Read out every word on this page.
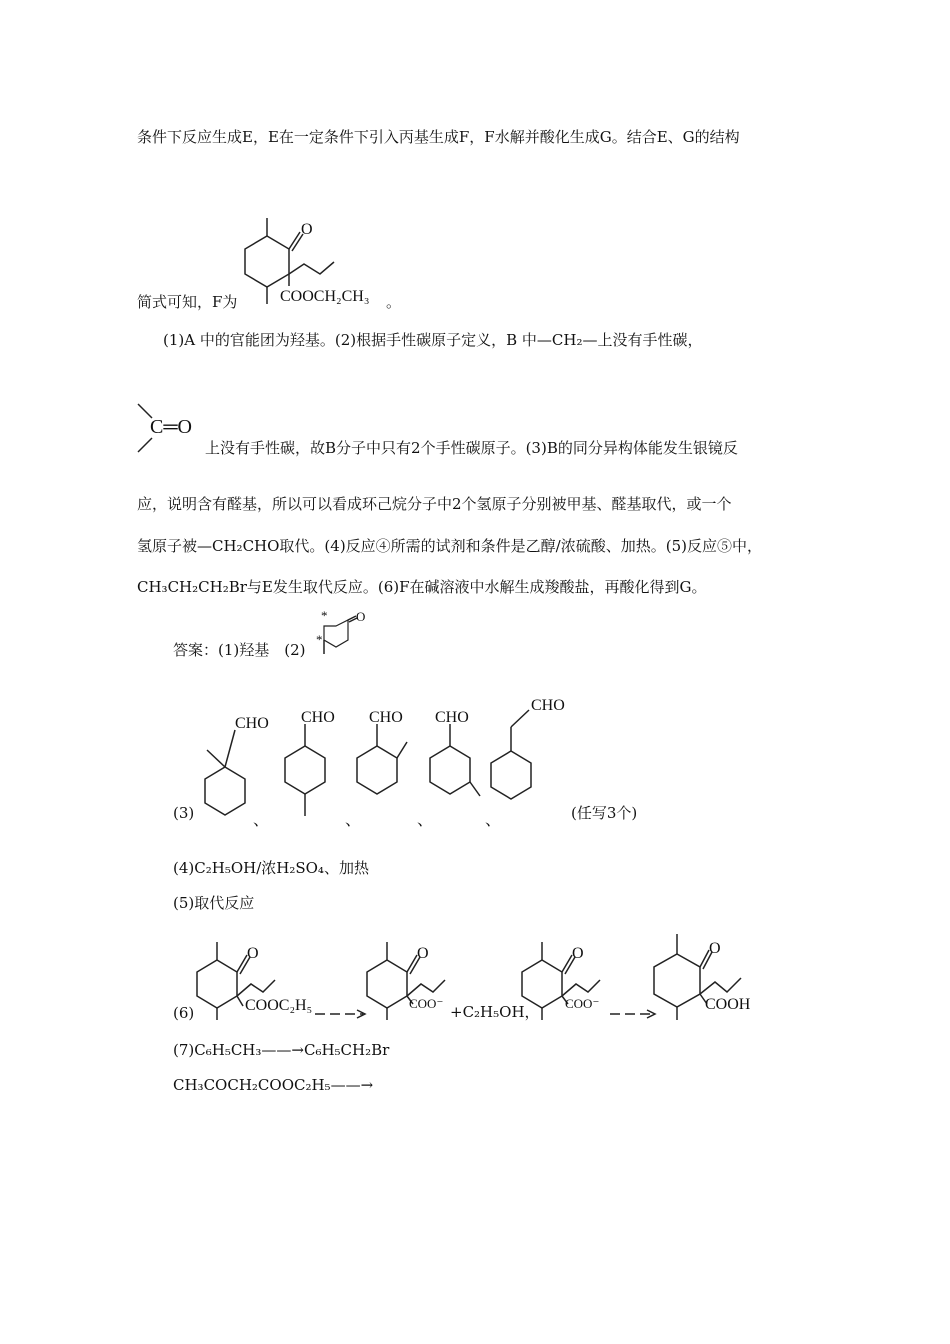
条件下反应生成E，E在一定条件下引入丙基生成F，F水解并酸化生成G。结合E、G的结构
O
COOCH₂CH₃
简式可知，F为	。
(1)A 中的官能团为羟基。(2)根据手性碳原子定义，B 中—CH₂—上没有手性碳，
C═O
上没有手性碳，故B分子中只有2个手性碳原子。(3)B的同分异构体能发生银镜反
应，说明含有醛基，所以可以看成环己烷分子中2个氢原子分别被甲基、醛基取代，或一个
氢原子被—CH₂CHO取代。(4)反应④所需的试剂和条件是乙醇/浓硫酸、加热。(5)反应⑤中，
CH₃CH₂CH₂Br与E发生取代反应。(6)F在碱溶液中水解生成羧酸盐，再酸化得到G。
答案：(1)羟基　(2)
O
*
*
(3)
CHO
、
CHO
、
CHO
、
CHO
、
CHO
(任写3个)
(4)C₂H₅OH/浓H₂SO₄、加热
(5)取代反应
(6)
O
COOC₂H₅
O
COO⁻
O
COO⁻
O
COOH
+C₂H₅OH，
(7)C₆H₅CH₃——→C₆H₅CH₂Br
CH₃COCH₂COOC₂H₅——→
